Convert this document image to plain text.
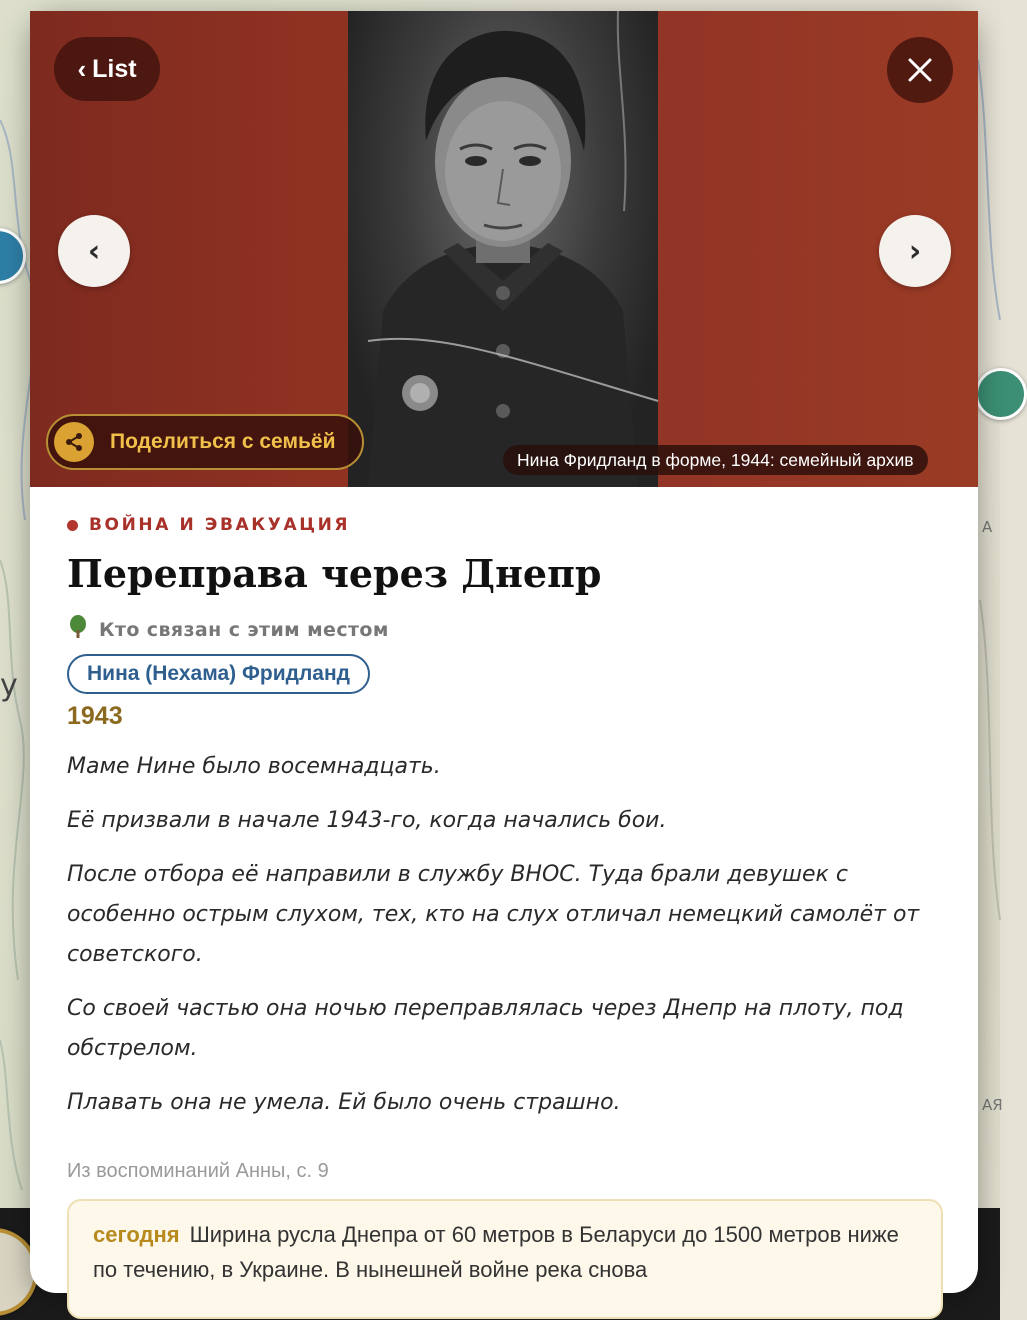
у
А
АЯ
‹ List
‹	›
Поделиться с семьёй
Нина Фридланд в форме, 1944: семейный архив
ВОЙНА И ЭВАКУАЦИЯ
Переправа через Днепр
Кто связан с этим местом
Нина (Нехама) Фридланд
1943

Маме Нине было восемнадцать.

Её призвали в начале 1943-го, когда начались бои.

После отбора её направили в службу ВНОС. Туда брали девушек с особенно острым слухом, тех, кто на слух отличал немецкий самолёт от советского.

Со своей частью она ночью переправлялась через Днепр на плоту, под обстрелом.

Плавать она не умела. Ей было очень страшно.

Из воспоминаний Анны, с. 9
сегодня Ширина русла Днепра от 60 метров в Беларуси до 1500 метров ниже по течению, в Украине. В нынешней войне река снова
